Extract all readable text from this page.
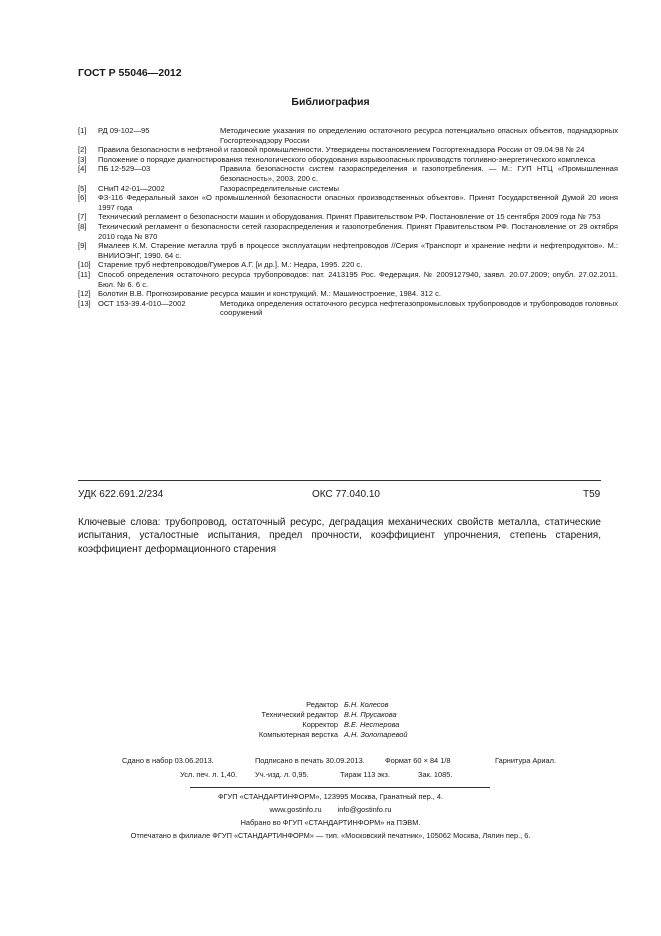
ГОСТ Р 55046—2012
Библиография
[1]	РД 09-102—95	Методические указания по определению остаточного ресурса потенциально опасных объектов, поднадзорных Госгортехнадзору России
[2]	Правила безопасности в нефтяной и газовой промышленности. Утверждены постановлением Госгортехнадзора России от 09.04.98 № 24
[3]	Положение о порядке диагностирования технологического оборудования взрывоопасных производств топливно-энергетического комплекса
[4]	ПБ 12-529—03	Правила безопасности систем газораспределения и газопотребления. — М.: ГУП НТЦ «Промышленная безопасность», 2003. 200 с.
[5]	СНиП 42-01—2002	Газораспределительные системы
[6]	ФЗ-116 Федеральный закон «О промышленной безопасности опасных производственных объектов». Принят Государственной Думой 20 июня 1997 года
[7]	Технический регламент о безопасности машин и оборудования. Принят Правительством РФ. Постановление от 15 сентября 2009 года № 753
[8]	Технический регламент о безопасности сетей газораспределения и газопотребления. Принят Правительством РФ. Постановление от 29 октября 2010 года № 870
[9]	Ямалеев К.М. Старение металла труб в процессе эксплуатации нефтепроводов //Серия «Транспорт и хранение нефти и нефтепродуктов». М.: ВНИИОЭНГ, 1990. 64 с.
[10] Старение труб нефтепроводов/Гумеров А.Г. [и др.]. М.: Недра, 1995. 220 с.
[11]	Способ определения остаточного ресурса трубопроводов: пат. 2413195 Рос. Федерация. № 2009127940, заявл. 20.07.2009; опубл. 27.02.2011. Бюл. № 6. 6 с.
[12] Болотин В.В. Прогнозирование ресурса машин и конструкций. М.: Машиностроение, 1984. 312 с.
[13] ОСТ 153-39.4-010—2002	Методика определения остаточного ресурса нефтегазопромысловых трубопроводов и трубопроводов головных сооружений
УДК 622.691.2/234	ОКС 77.040.10	Т59
Ключевые слова: трубопровод, остаточный ресурс, деградация механических свойств металла, статические испытания, усталостные испытания, предел прочности, коэффициент упрочнения, степень старения, коэффициент деформационного старения
Редактор Б.Н. Колесов
Технический редактор В.Н. Прусакова
Корректор В.Е. Нестерова
Компьютерная верстка А.Н. Золотаревой
Сдано в набор 03.06.2013.	Подписано в печать 30.09.2013.	Формат 60 × 84 1/8	Гарнитура Ариал.
Усл. печ. л. 1,40. Уч.-изд. л. 0,95.	Тираж 113 экз.	Зак. 1085.
ФГУП «СТАНДАРТИНФОРМ», 123995 Москва, Гранатный пер., 4.
www.gostinfo.ru info@gostinfo.ru
Набрано во ФГУП «СТАНДАРТИНФОРМ» на ПЭВМ.
Отпечатано в филиале ФГУП «СТАНДАРТИНФОРМ» — тип. «Московский печатник», 105062 Москва, Лялин пер., 6.
